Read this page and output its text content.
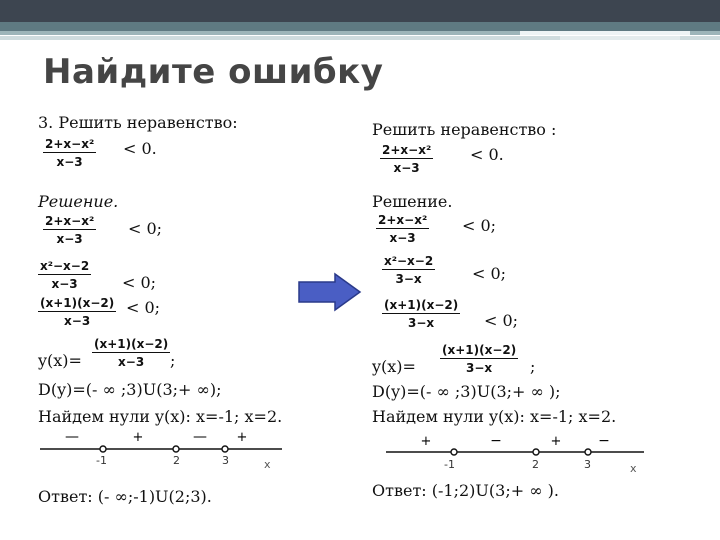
Найдите ошибку
3. Решить неравенство:
$\frac{\text{2+x−x²}}{x-3} < 0$.
Решение.
$\frac{\text{2+x−x²}}{x-3} < 0$;
$\frac{\text{x²−x−2}}{x-3} < 0$;
$\frac{(x+1)(x-2)}{x-3} < 0$;
$y(x)= \frac{(x+1)(x-2)}{x-3}$ ;
D(y)=(- ∞ ;3)U(3;+ ∞);
Найдем нули y(x): x=-1; x=2.
—	+	— +
-1	2	3	x
Ответ: (- ∞;-1)U(2;3).
Решить неравенство :
$\frac{\text{2+x−x²}}{x-3} < 0$.
Решение.
$\frac{\text{2+x−x²}}{x-3} < 0$;
$\frac{\text{x²−x−2}}{3-x} < 0$;
$\frac{(x+1)(x-2)}{3-x} < 0$;
$y(x)= \frac{(x+1)(x-2)}{3-x}$ ;
D(y)=(- ∞ ;3)U(3;+ ∞ );
Найдем нули y(x): x=-1; x=2.
+	−	+	−
-1	2	3	x
Ответ: (-1;2)U(3;+ ∞ ).
